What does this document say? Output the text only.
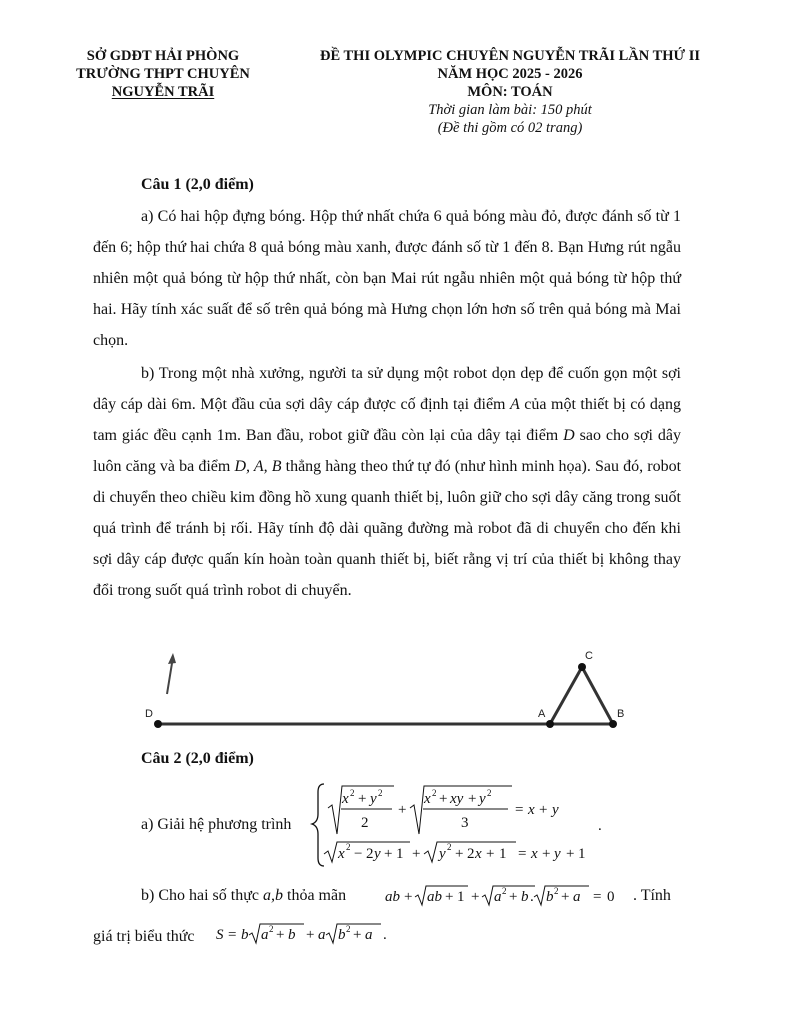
SỞ GDĐT HẢI PHÒNG
TRƯỜNG THPT CHUYÊN
NGUYỄN TRÃI
ĐỀ THI OLYMPIC CHUYÊN NGUYỄN TRÃI LẦN THỨ II
NĂM HỌC 2025 - 2026
MÔN: TOÁN
Thời gian làm bài: 150 phút
(Đề thi gồm có 02 trang)
Câu 1 (2,0 điểm)
a) Có hai hộp đựng bóng. Hộp thứ nhất chứa 6 quả bóng màu đỏ, được đánh số từ 1 đến 6; hộp thứ hai chứa 8 quả bóng màu xanh, được đánh số từ 1 đến 8. Bạn Hưng rút ngẫu nhiên một quả bóng từ hộp thứ nhất, còn bạn Mai rút ngẫu nhiên một quả bóng từ hộp thứ hai. Hãy tính xác suất để số trên quả bóng mà Hưng chọn lớn hơn số trên quả bóng mà Mai chọn.
b) Trong một nhà xưởng, người ta sử dụng một robot dọn dẹp để cuốn gọn một sợi dây cáp dài 6m. Một đầu của sợi dây cáp được cố định tại điểm A của một thiết bị có dạng tam giác đều cạnh 1m. Ban đầu, robot giữ đầu còn lại của dây tại điểm D sao cho sợi dây luôn căng và ba điểm D, A, B thẳng hàng theo thứ tự đó (như hình minh họa). Sau đó, robot di chuyển theo chiều kim đồng hồ xung quanh thiết bị, luôn giữ cho sợi dây căng trong suốt quá trình để tránh bị rối. Hãy tính độ dài quãng đường mà robot đã di chuyển cho đến khi sợi dây cáp được quấn kín hoàn toàn quanh thiết bị, biết rằng vị trí của thiết bị không thay đổi trong suốt quá trình robot di chuyển.
D	A	B
C
Câu 2 (2,0 điểm)
a) Giải hệ phương trình
x 2 + y 2
2
+
x 2 + xy + y 2
3
= x + y
x 2 − 2 y + 1 + y 2 + 2 x + 1 = x + y + 1
.
b) Cho hai số thực a,b thỏa mãn	ab + ab + 1 + a 2 + b . b 2 + a = 0 . Tính
giá trị biểu thức	S = b a 2 + b + a b 2 + a .
